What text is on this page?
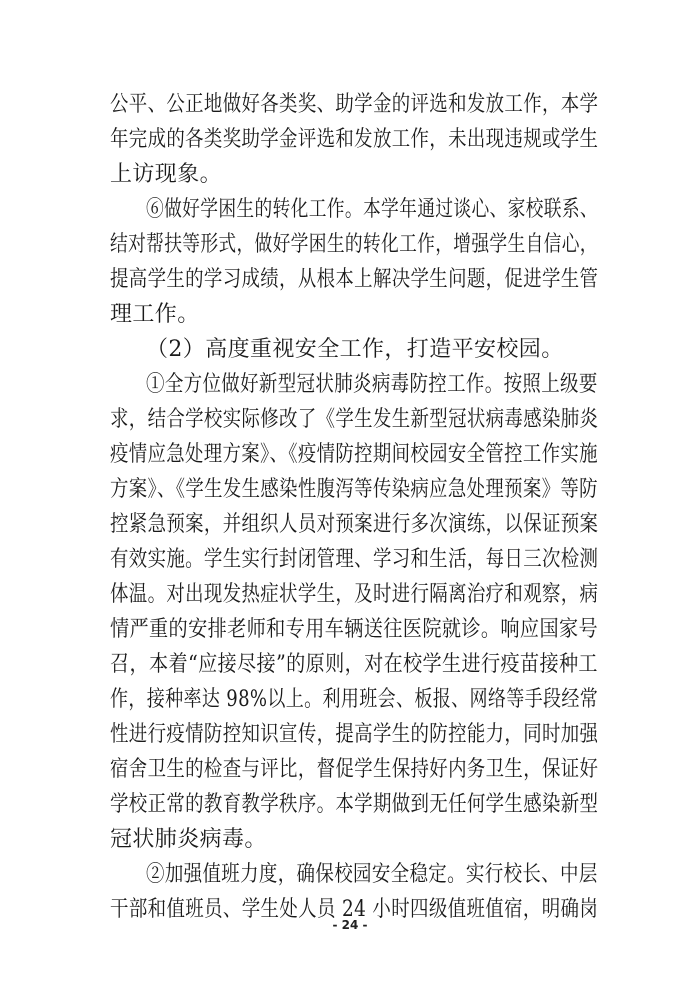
公平、公正地做好各类奖、助学金的评选和发放工作，本学
年完成的各类奖助学金评选和发放工作，未出现违规或学生
上访现象。
⑥做好学困生的转化工作。本学年通过谈心、家校联系、
结对帮扶等形式，做好学困生的转化工作，增强学生自信心，
提高学生的学习成绩，从根本上解决学生问题，促进学生管
理工作。
（2）高度重视安全工作，打造平安校园。
①全方位做好新型冠状肺炎病毒防控工作。按照上级要
求，结合学校实际修改了《学生发生新型冠状病毒感染肺炎
疫情应急处理方案》、《疫情防控期间校园安全管控工作实施
方案》、《学生发生感染性腹泻等传染病应急处理预案》等防
控紧急预案，并组织人员对预案进行多次演练，以保证预案
有效实施。学生实行封闭管理、学习和生活，每日三次检测
体温。对出现发热症状学生，及时进行隔离治疗和观察，病
情严重的安排老师和专用车辆送往医院就诊。响应国家号
召，本着“应接尽接”的原则，对在校学生进行疫苗接种工
作，接种率达 98%以上。利用班会、板报、网络等手段经常
性进行疫情防控知识宣传，提高学生的防控能力，同时加强
宿舍卫生的检查与评比，督促学生保持好内务卫生，保证好
学校正常的教育教学秩序。本学期做到无任何学生感染新型
冠状肺炎病毒。
②加强值班力度，确保校园安全稳定。实行校长、中层
干部和值班员、学生处人员 24 小时四级值班值宿，明确岗
- 24 -
